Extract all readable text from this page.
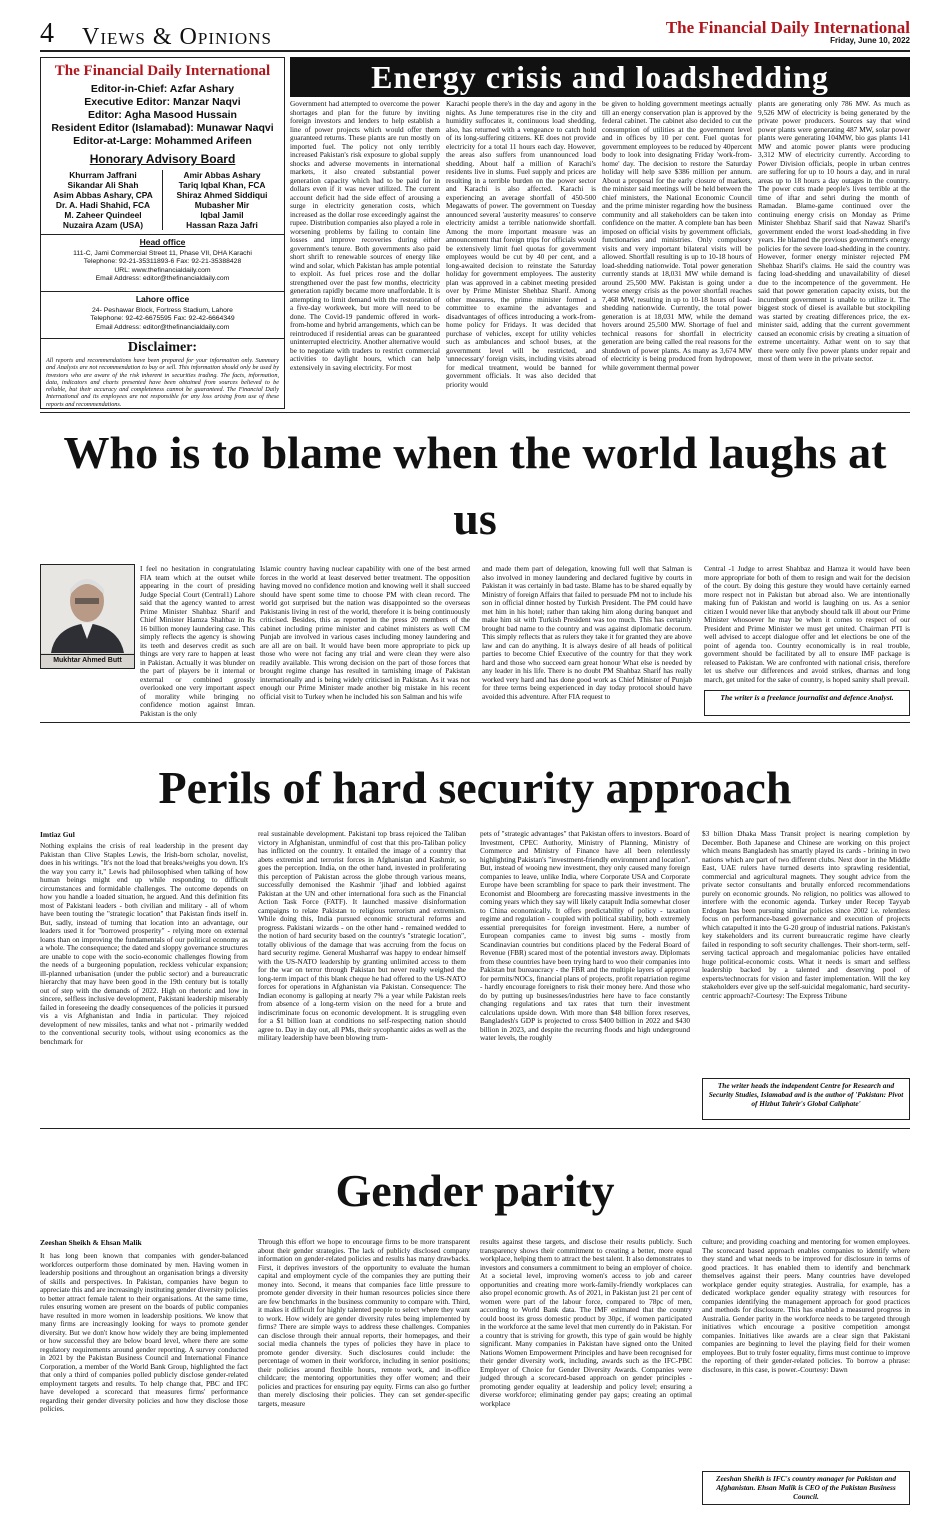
4 Views & Opinions	The Financial Daily International
Friday, June 10, 2022
The Financial Daily International
Editor-in-Chief: Azfar Ashary
Executive Editor: Manzar Naqvi
Editor: Agha Masood Hussain
Resident Editor (Islamabad): Munawar Naqvi
Editor-at-Large: Mohammed Arifeen
Honorary Advisory Board
Khurram Jaffrani
Sikandar Ali Shah
Asim Abbas Ashary, CPA
Dr. A. Hadi Shahid, FCA
M. Zaheer Quindeel
Nuzaira Azam (USA)
Amir Abbas Ashary
Tariq Iqbal Khan, FCA
Shiraz Ahmed Siddiqui
Mubasher Mir
Iqbal Jamil
Hassan Raza Jafri
Head office
111-C, Jami Commercial Street 11, Phase VII, DHA Karachi
Telephone: 92-21-35311893-6 Fax: 92-21-35388428
URL: www.thefinancialdaily.com
Email Address: editor@thefinancialdaily.com
Lahore office
24- Peshawar Block, Fortress Stadium, Lahore
Telephone: 92-42-6675595 Fax: 92-42-6664349
Email Address: editor@thefinancialdaily.com
Disclaimer:
All reports and recommendations have been prepared for your information only. Summary and Analysis are not recommendation to buy or sell. This information should only be used by investors who are aware of the risk inherent in securities trading. The facts, information, data, indicators and charts presented have been obtained from sources believed to be reliable, but their accuracy and completeness cannot be guaranteed. The Financial Daily International and its employees are not responsible for any loss arising from use of these reports and recommendations.
Energy crisis and loadshedding
Government had attempted to overcome the power shortages and plan for the future by inviting foreign investors and lenders to help establish a line of power projects which would offer them guaranteed returns. These plants are run mostly on imported fuel. The policy not only terribly increased Pakistan's risk exposure to global supply shocks and adverse movements in international markets, it also created substantial power generation capacity which had to be paid for in dollars even if it was never utilized. The current account deficit had the side effect of arousing a surge in electricity generation costs, which increased as the dollar rose exceedingly against the rupee. Distribution companies also played a role in worsening problems by failing to contain line losses and improve recoveries during either government's tenure. Both governments also paid short shrift to renewable sources of energy like wind and solar, which Pakistan has ample potential to exploit. As fuel prices rose and the dollar strengthened over the past few months, electricity generation rapidly became more unaffordable. It is attempting to limit demand with the restoration of a five-day workweek, but more will need to be done. The Covid-19 pandemic offered in work-from-home and hybrid arrangements, which can be reintroduced if residential areas can be guaranteed uninterrupted electricity. Another alternative would be to negotiate with traders to restrict commercial activities to daylight hours, which can help extensively in saving electricity. For most
Karachi people there's in the day and agony in the nights. As June temperatures rise in the city and humidity suffocates it, continuous load shedding, also, has returned with a vengeance to catch hold of its long-suffering citizens. KE does not provide electricity for a total 11 hours each day. However, the areas also suffers from unannounced load shedding. About half a million of Karachi's residents live in slums. Fuel supply and prices are resulting in a terrible burden on the power sector and Karachi is also affected. Karachi is experiencing an average shortfall of 450-500 Megawatts of power. The government on Tuesday announced several 'austerity measures' to conserve electricity amidst a terrible nationwide shortfall. Among the more important measure was an announcement that foreign trips for officials would be extensively limit fuel quotas for government employees would be cut by 40 per cent, and a long-awaited decision to reinstate the Saturday holiday for government employees. The austerity plan was approved in a cabinet meeting presided over by Prime Minister Shehbaz Sharif. Among other measures, the prime minister formed a committee to examine the advantages and disadvantages of offices introducing a work-from-home policy for Fridays. It was decided that purchase of vehicles, except for utility vehicles such as ambulances and school buses, at the government level will be restricted, and 'unnecessary' foreign visits, including visits abroad for medical treatment, would be banned for government officials. It was also decided that priority would
be given to holding government meetings actually till an energy conservation plan is approved by the federal cabinet. The cabinet also decided to cut the consumption of utilities at the government level and in offices by 10 per cent. Fuel quotas for government employees to be reduced by 40percent body to look into designating Friday 'work-from-home' day. The decision to restore the Saturday holiday will help save $386 million per annum. About a proposal for the early closure of markets, the minister said meetings will be held between the chief ministers, the National Economic Council and the prime minister regarding how the business community and all stakeholders can be taken into confidence on the matter. A complete ban has been imposed on official visits by government officials, functionaries and ministries. Only compulsory visits and very important bilateral visits will be allowed. Shortfall resulting is up to 10-18 hours of load-shedding nationwide. Total power generation currently stands at 18,031 MW while demand is around 25,500 MW. Pakistan is going under a worse energy crisis as the power shortfall reaches 7,468 MW, resulting in up to 10-18 hours of load-shedding nationwide. Currently, the total power generation is at 18,031 MW, while the demand hovers around 25,500 MW. Shortage of fuel and technical reasons for shortfall in electricity generation are being called the real reasons for the shutdown of power plants. As many as 3,674 MW of electricity is being produced from hydropower, while government thermal power
plants are generating only 786 MW. As much as 9,526 MW of electricity is being generated by the private power producers. Sources say that wind power plants were generating 487 MW, solar power plants were generating 104MW, bio gas plants 141 MW and atomic power plants were producing 3,312 MW of electricity currently. According to Power Division officials, people in urban centres are suffering for up to 10 hours a day, and in rural areas up to 18 hours a day outages in the country. The power cuts made people's lives terrible at the time of iftar and sehri during the month of Ramadan. Blame-game continued over the continuing energy crisis on Monday as Prime Minister Shehbaz Sharif said that Nawaz Sharif's government ended the worst load-shedding in five years. He blamed the previous government's energy policies for the severe load-shedding in the country. However, former energy minister rejected PM Shehbaz Sharif's claims. He said the country was facing load-shedding and unavailability of diesel due to the incompetence of the government. He said that power generation capacity exists, but the incumbent government is unable to utilize it. The biggest stock of diesel is available but stockpiling was started by creating differences price, the ex-minister said, adding that the current government caused an economic crisis by creating a situation of extreme uncertainty. Azhar went on to say that there were only five power plants under repair and most of them were in the private sector.
Who is to blame when the world laughs at us
Mukhtar Ahmed Butt
I feel no hesitation in congratulating FIA team which at the outset while appearing in the court of presiding Judge Special Court (Central1) Lahore said that the agency wanted to arrest Prime Minister Shahbaz Sharif and Chief Minister Hamza Shahbaz in Rs 16 billion money laundering case. This simply reflects the agency is showing its teeth and deserves credit as such things are very rare to happen at least in Pakistan. Actually it was blunder on the part of players be it internal or external or combined grossly overlooked one very important aspect of morality while bringing no confidence motion against Imran. Pakistan is the only
Islamic country having nuclear capability with one of the best armed forces in the world at least deserved better treatment. The opposition having moved no confidence motion and knowing well it shall succeed should have spent some time to choose PM with clean record. The world got surprised but the nation was disappointed so the overseas Pakistanis living in rest of the world, therefore it is being continuously criticised. Besides, this as reported in the press 20 members of the cabinet including prime minister and cabinet ministers as well CM Punjab are involved in various cases including money laundering and are all are on bail. It would have been more appropriate to pick up those who were not facing any trial and were clean they were also readily available. This wrong decision on the part of those forces that brought regime change has resulted in tarnishing image of Pakistan internationally and is being widely criticised in Pakistan. As it was not enough our Prime Minister made another big mistake in his recent official visit to Turkey when he included his son Salman and his wife
and made them part of delegation, knowing full well that Salman is also involved in money laundering and declared fugitive by courts in Pakistan it was certainly in bad taste. Blame has to be shared equally by Ministry of foreign Affairs that failed to persuade PM not to include his son in official dinner hosted by Turkish President. The PM could have met him in his hotel; rather than taking him along during banquet and make him sit with Turkish President was too much. This has certainly brought bad name to the country and was against diplomatic decorum. This simply reflects that as rulers they take it for granted they are above law and can do anything. It is always desire of all heads of political parties to become Chief Executive of the country for that they work hard and those who succeed earn great honour What else is needed by any leader in his life. There is no doubt PM Shahbaz Sharif has really worked very hard and has done good work as Chief Minister of Punjab for three terms being experienced in day today protocol should have avoided this adventure. After FIA request to
Central -1 Judge to arrest Shahbaz and Hamza it would have been more appropriate for both of them to resign and wait for the decision of the court. By doing this gesture they would have certainly earned more respect not in Pakistan but abroad also. We are intentionally making fun of Pakistan and world is laughing on us. As a senior citizen I would never like that anybody should talk ill about our Prime Minister whosoever he may be when it comes to respect of our President and Prime Minister we must get united. Chairman PTI is well advised to accept dialogue offer and let elections be one of the point of agenda too. Country economically is in real trouble, government should be facilitated by all to ensure IMF package is released to Pakistan. We are confronted with national crisis, therefore let us shelve our differences and avoid strikes, dharnas and long march, get united for the sake of country, is hoped sanity shall prevail.
The writer is a freelance journalist and defence Analyst.
Perils of hard security approach
Imtiaz Gul
Nothing explains the crisis of real leadership in the present day Pakistan than Clive Staples Lewis, the Irish-born scholar, novelist, does in his writings. "It's not the load that breaks/weighs you down. It's the way you carry it," Lewis had philosophised when talking of how human beings might end up while responding to difficult circumstances and formidable challenges. The outcome depends on how you handle a loaded situation, he argued. And this definition fits most of Pakistani leaders - both civilian and military - all of whom have been touting the "strategic location" that Pakistan finds itself in. But, sadly, instead of turning that location into an advantage, our leaders used it for "borrowed prosperity" - relying more on external loans than on improving the fundamentals of our political economy as a whole. The consequence; the dated and sloppy governance structures are unable to cope with the socio-economic challenges flowing from the needs of a burgeoning population, reckless vehicular expansion; ill-planned urbanisation (under the public sector) and a bureaucratic hierarchy that may have been good in the 19th century but is totally out of step with the demands of 2022. High on rhetoric and low in sincere, selfless inclusive development, Pakistani leadership miserably failed in foreseeing the deadly consequences of the policies it pursued vis a vis Afghanistan and India in particular. They rejoiced development of new missiles, tanks and what not - primarily wedded to the conventional security tools, without using economics as the benchmark for
real sustainable development. Pakistani top brass rejoiced the Taliban victory in Afghanistan, unmindful of cost that this pro-Taliban policy has inflicted on the country. It entailed the image of a country that abets extremist and terrorist forces in Afghanistan and Kashmir, so goes the perception. India, on the other hand, invested in proliferating this perception of Pakistan across the globe through various means, successfully demonised the Kashmir 'jihad' and lobbied against Pakistan at the UN and other international fora such as the Financial Action Task Force (FATF). It launched massive disinformation campaigns to relate Pakistan to religious terrorism and extremism. While doing this, India pursued economic structural reforms and progress. Pakistani wizards - on the other hand - remained wedded to the notion of hard security based on the country's "strategic location", totally oblivious of the damage that was accruing from the focus on hard security regime. General Musharraf was happy to endear himself with the US-NATO leadership by granting unlimited access to them for the war on terror through Pakistan but never really weighed the long-term impact of this blank cheque he had offered to the US-NATO forces for operations in Afghanistan via Pakistan. Consequence: The Indian economy is galloping at nearly 7% a year while Pakistan reels from absence of a long-term vision on the need for a brute and indiscriminate focus on economic development. It is struggling even for a $1 billion loan at conditions no self-respecting nation should agree to. Day in day out, all PMs, their sycophantic aides as well as the military leadership have been blowing trum-
pets of "strategic advantages" that Pakistan offers to investors. Board of Investment, CPEC Authority, Ministry of Planning, Ministry of Commerce and Ministry of Finance have all been relentlessly highlighting Pakistan's "investment-friendly environment and location". But, instead of wooing new investment, they only caused many foreign companies to leave, unlike India, where Corporate USA and Corporate Europe have been scrambling for space to park their investment. The Economist and Bloomberg are forecasting massive investments in the coming years which they say will likely catapult India somewhat closer to China economically. It offers predictability of policy - taxation regime and regulation - coupled with political stability, both extremely essential prerequisites for foreign investment. Here, a number of European companies came to invest big sums - mostly from Scandinavian countries but conditions placed by the Federal Board of Revenue (FBR) scared most of the potential investors away. Diplomats from these countries have been trying hard to woo their companies into Pakistan but bureaucracy - the FBR and the multiple layers of approval for permits/NOCs, financial plans of projects, profit repatriation regime - hardly encourage foreigners to risk their money here. And those who do by putting up businesses/industries here have to face constantly changing regulations and tax rates that turn their investment calculations upside down. With more than $48 billion forex reserves, Bangladesh's GDP is projected to cross $400 billion in 2022 and $430 billion in 2023, and despite the recurring floods and high underground water levels, the roughly
$3 billion Dhaka Mass Transit project is nearing completion by December. Both Japanese and Chinese are working on this project which means Bangladesh has smartly played its cards - brining in two nations which are part of two different clubs. Next door in the Middle East, UAE rulers have turned deserts into sprawling residential, commercial and agricultural magnets. They sought advice from the private sector consultants and brutally enforced recommendations purely on economic grounds. No religion, no politics was allowed to interfere with the economic agenda. Turkey under Recep Tayyab Erdogan has been pursuing similar policies since 2002 i.e. relentless focus on performance-based governance and execution of projects which catapulted it into the G-20 group of industrial nations. Pakistan's key stakeholders and its current bureaucratic regime have clearly failed in responding to soft security challenges. Their short-term, self-serving tactical approach and megalomaniac policies have entailed huge political-economic costs. What it needs is smart and selfless leadership backed by a talented and deserving pool of experts/technocrats for vision and faster implementation. Will the key stakeholders ever give up the self-suicidal megalomanic, hard security-centric approach?-Courtesy: The Express Tribune
The writer heads the independent Centre for Research and Security Studies, Islamabad and is the author of 'Pakistan: Pivot of Hizbut Tahrir's Global Caliphate'
Gender parity
Zeeshan Sheikh & Ehsan Malik
It has long been known that companies with gender-balanced workforces outperform those dominated by men. Having women in leadership positions and throughout an organisation brings a diversity of skills and perspectives. In Pakistan, companies have begun to appreciate this and are increasingly instituting gender diversity policies to better attract female talent to their organisations. At the same time, rules ensuring women are present on the boards of public companies have resulted in more women in leadership positions. We know that many firms are increasingly looking for ways to promote gender diversity. But we don't know how widely they are being implemented or how successful they are below board level, where there are some regulatory requirements around gender reporting. A survey conducted in 2021 by the Pakistan Business Council and International Finance Corporation, a member of the World Bank Group, highlighted the fact that only a third of companies polled publicly disclose gender-related employment targets and results. To help change that, PBC and IFC have developed a scorecard that measures firms' performance regarding their gender diversity policies and how they disclose those policies.
Through this effort we hope to encourage firms to be more transparent about their gender strategies. The lack of publicly disclosed company information on gender-related policies and results has many drawbacks. First, it deprives investors of the opportunity to evaluate the human capital and employment cycle of the companies they are putting their money into. Second, it means that companies face little pressure to promote gender diversity in their human resources policies since there are few benchmarks in the business community to compare with. Third, it makes it difficult for highly talented people to select where they want to work. How widely are gender diversity rules being implemented by firms? There are simple ways to address these challenges. Companies can disclose through their annual reports, their homepages, and their social media channels the types of policies they have in place to promote gender diversity. Such disclosures could include: the percentage of women in their workforce, including in senior positions; their policies around flexible hours, remote work, and in-office childcare; the mentoring opportunities they offer women; and their policies and practices for ensuring pay equity. Firms can also go further than merely disclosing their policies. They can set gender-specific targets, measure
results against these targets, and disclose their results publicly. Such transparency shows their commitment to creating a better, more equal workplace, helping them to attract the best talent. It also demonstrates to investors and consumers a commitment to being an employer of choice. At a societal level, improving women's access to job and career opportunities and creating more work-family-friendly workplaces can also propel economic growth. As of 2021, in Pakistan just 21 per cent of women were part of the labour force, compared to 78pc of men, according to World Bank data. The IMF estimated that the country could boost its gross domestic product by 30pc, if women participated in the workforce at the same level that men currently do in Pakistan. For a country that is striving for growth, this type of gain would be highly significant. Many companies in Pakistan have signed onto the United Nations Women Empowerment Principles and have been recognised for their gender diversity work, including, awards such as the IFC-PBC Employer of Choice for Gender Diversity Awards. Companies were judged through a scorecard-based approach on gender principles - promoting gender equality at leadership and policy level; ensuring a diverse workforce; eliminating gender pay gaps; creating an optimal workplace
culture; and providing coaching and mentoring for women employees. The scorecard based approach enables companies to identify where they stand and what needs to be improved for disclosure in terms of good practices. It has enabled them to identify and benchmark themselves against their peers. Many countries have developed workplace gender equity strategies. Australia, for example, has a dedicated workplace gender equality strategy with resources for companies identifying the management approach for good practices and methods for disclosure. This has enabled a measured progress in Australia. Gender parity in the workforce needs to be targeted through initiatives which encourage a positive competition amongst companies. Initiatives like awards are a clear sign that Pakistani companies are beginning to level the playing field for their women employees. But to truly foster equality, firms must continue to improve the reporting of their gender-related policies. To borrow a phrase: disclosure, in this case, is power.-Courtesy: Dawn
Zeeshan Sheikh is IFC's country manager for Pakistan and Afghanistan. Ehsan Malik is CEO of the Pakistan Business Council.
